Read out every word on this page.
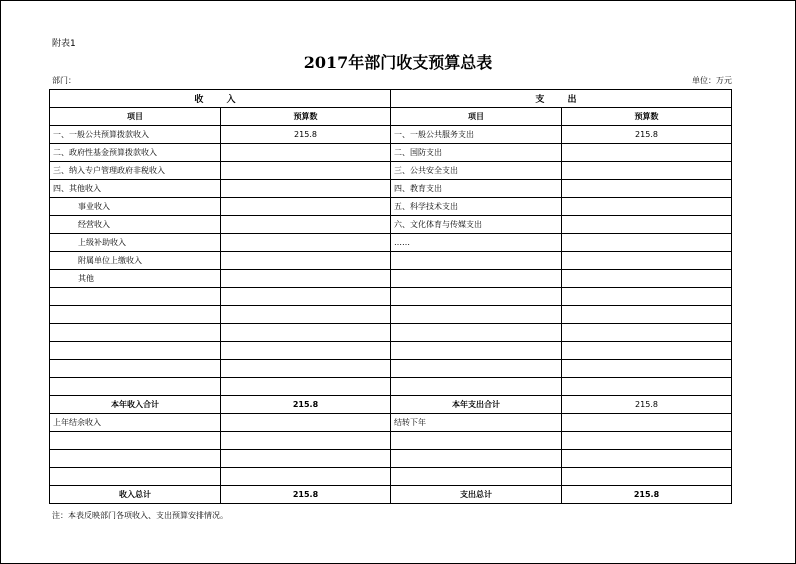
附表1
2017年部门收支预算总表
部门：	单位：万元
收 入		支 出	
项目	预算数	项目	预算数
一、一般公共预算拨款收入	215.8	一、一般公共服务支出	215.8
二、政府性基金预算拨款收入		二、国防支出	
三、纳入专户管理政府非税收入		三、公共安全支出	
四、其他收入		四、教育支出	
事业收入		五、科学技术支出	
经营收入		六、文化体育与传媒支出	
上级补助收入		……	
附属单位上缴收入			
其他			

本年收入合计	215.8	本年支出合计	215.8
上年结余收入		结转下年	

收入总计	215.8	支出总计	215.8
注：本表反映部门各项收入、支出预算安排情况。
